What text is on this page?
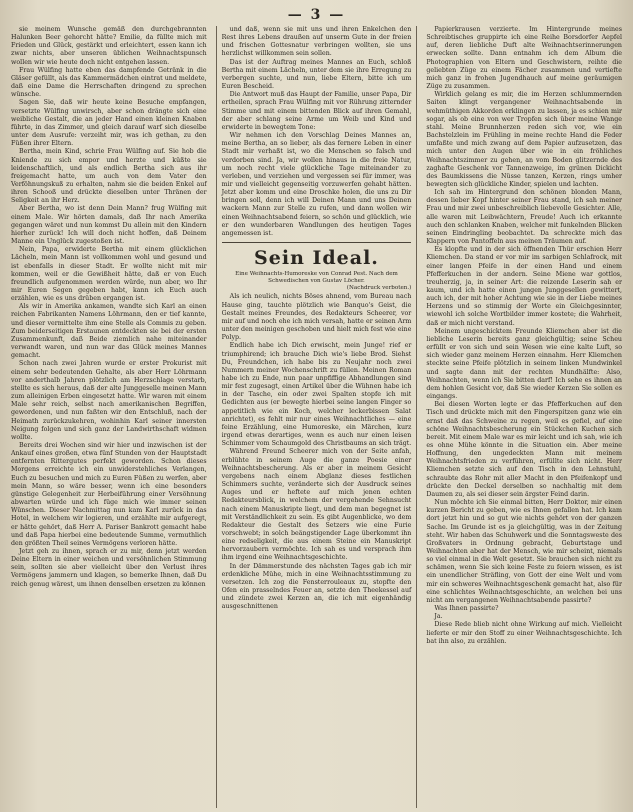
— 3 —

sie meinem Wunsche gemäß den durchgebrannten Halunken Beer gehorcht hätte? Emilie, da füllte mich mit Frieden und Glück, gestärkt und erleichtert, essen kann ich zwar nichts, aber unseren üblichen Weihnachtspunsch wollen wir wie heute doch nicht entgehen lassen.

Frau Wülfing hatte eben das dampfende Getränk in die Gläser gefüllt, als das Kammermädchen eintrat und meldete, daß eine Dame die Herrschaften dringend zu sprechen wünsche.

Sagen Sie, daß wir heute keine Besuche empfangen, versetzte Wülfing unwirsch, aber schon drängte sich eine weibliche Gestalt, die an jeder Hand einen kleinen Knaben führte, in das Zimmer, und gleich darauf warf sich dieselbe unter dem Ausrufe: verzeiht mir, was ich gethan, zu den Füßen ihrer Eltern.

Bertha, mein Kind, schrie Frau Wülfing auf. Sie hob die Kniende zu sich empor und herzte und küßte sie leidenschaftlich, und als endlich Bertha sich aus ihr freigemacht hatte, um auch von dem Vater den Verföhnungskuß zu erhalten, nahm sie die beiden Enkel auf ihren Schooß und drückte dieselben unter Thränen der Seligkeit an ihr Herz.

Aber Bertha, wo ist denn Dein Mann? frug Wülfing mit einem Male. Wir hörten damals, daß Ihr nach Amerika gegangen wäret und nun kommst Du allein mit den Kindern hierher zurück! Ich will doch nicht hoffen, daß Deinem Manne ein Unglück zugestoßen ist.

Nein, Papa, erwiderte Bertha mit einem glücklichen Lächeln, mein Mann ist vollkommen wohl und gesund und ist ebenfalls in dieser Stadt. Er wollte nicht mit mir kommen, weil er die Gewißheit hätte, daß er von Euch freundlich aufgenommen werden würde, nun aber, wo Ihr mir Euren Segen gegeben habt, kann ich Euch auch erzählen, wie es uns drüben ergangen ist.

Als wir in Amerika ankamen, wandte sich Karl an einen reichen Fabrikanten Namens Löhrmann, den er tief kannte, und dieser vermittelte ihm eine Stelle als Commis zu geben. Zum beiderseitigen Erstaunen entdeckten sie bei der ersten Zusammenkunft, daß Beide ziemlich nahe miteinander verwandt waren, und nun war das Glück meines Mannes gemacht.

Schon nach zwei Jahren wurde er erster Prokurist mit einem sehr bedeutenden Gehalte, als aber Herr Löhrmann vor anderthalb Jahren plötzlich am Herzschlage verstarb, stellte es sich heraus, daß der alte Junggeselle meinen Mann zum alleinigen Erben eingesetzt hatte. Wir waren mit einem Male sehr reich, selbst nach amerikanischen Begriffen, gewordenen, und nun faßten wir den Entschluß, nach der Heimath zurückzukehren, wohinhin Karl seiner innersten Neigung folgen und sich ganz der Landwirthschaft widmen wollte.

Bereits drei Wochen sind wir hier und inzwischen ist der Ankauf eines großen, etwa fünf Stunden von der Hauptstadt entfernten Rittergutes perfekt geworden. Schon dieses Morgens erreichte ich ein unwiderstehliches Verlangen, Euch zu besuchen und mich zu Euren Füßen zu werfen, aber mein Mann, so wäre besser, wenn ich eine besonders günstige Gelegenheit zur Herbeiführung einer Versöhnung abwarten würde und ich füge mich wie immer seinen Wünschen. Dieser Nachmittag nun kam Karl zurück in das Hotel, in welchem wir logieren, und erzählte mir aufgeregt, er hätte gehört, daß Herr A. Pariser Bankrott gemacht habe und daß Papa hierbei eine bedeutende Summe, vermuthlich den größten Theil seines Vermögens verloren hätte.

Jetzt geh zu ihnen, sprach er zu mir, denn jetzt werden Deine Eltern in einer weichen und versöhnlichen Stimmung sein, sollten sie aber vielleicht über den Verlust ihres Vermögens jammern und klagen, so bemerke Ihnen, daß Du reich genug wärest, um ihnen denselben ersetzen zu können

und daß, wenn sie mit uns und ihren Enkelchen den Rest ihres Lebens draußen auf unserm Gute in der freien und frischen Gottesnatur verbringen wollten, sie uns herzlichst willkommen sein sollen.

Das ist der Auftrag meines Mannes an Euch, schloß Bertha mit einem Lächeln, unter dem sie ihre Erregung zu verbergen suchte, und nun, liebe Eltern, bitte ich um Euren Bescheid.

Die Antwort muß das Haupt der Familie, unser Papa, Dir ertheilen, sprach Frau Wülfing mit vor Rührung zitternder Stimme und mit einem bittenden Blick auf ihren Gemahl, der aber schlang seine Arme um Weib und Kind und erwiderte in bewegtem Tone:

Wir nehmen ich den Vorschlag Deines Mannes an, meine Bertha, an so lieber, als das fernere Leben in einer Stadt mir verhaßt ist, wo die Menschen so falsch und verdorben sind. Ja, wir wollen hinaus in die freie Natur, um noch recht viele glückliche Tage miteinander zu verleben, und verziehen und vergessen sei für immer, was mir und vielleicht gegenseitig vorzuwerfen gehabt hätten. Jetzt aber komm und eine Droschke holen, die uns zu Dir bringen soll, denn ich will Deinen Mann und uns Deinen wackern Mann zur Stelle zu rufen, und dann wollen wir einen Weihnachtsabend feiern, so schön und glücklich, wie er den wunderbaren Wandlungen des heutigen Tages angemessen ist.

Sein Ideal.
Eine Weihnachts-Humoreske von Conrad Pest. Nach dem Schwedischen von Gustav Löcher.
(Nachdruck verboten.)

Als ich neulich, nichts Böses ahnend, vom Bureau nach Hause ging, tauchte plötzlich wie Banquo's Geist, die Gestalt meines Freundes, des Redakteurs Scheerer, vor mir auf und noch ehe ich mich versah, hatte er seinen Arm unter den meinigen geschoben und hielt mich fest wie eine Polyp.

Endlich habe ich Dich erwischt, mein Junge! rief er triumphirend; ich brauche Dich wie's liebe Brod. Siehst Du, Freundchen, ich habe bis zu Neujahr noch zwei Nummern meiner Wochenschrift zu füllen. Meinen Roman habe ich zu Ende, nun paar unpfiffige Abhandlungen sind mir fest zugesagt, einen Artikel über die Wühnen habe ich in der Tasche, ein oder zwei Spalten stopfe ich mit Gedichten aus (er bewegte hierbei seine langen Finger so appetitlich wie ein Koch, welcher leckerbissen Salat anrichtet), es fehlt mir nur eines Weihnachtliches — eine feine Erzählung, eine Humoreske, ein Märchen, kurz irgend etwas derartiges, wenn es auch nur einen leisen Schimmer vom Schaumgold des Christbaums an sich trägt.

Während Freund Scheerer mich von der Seite anfah, erblühte in seinem Auge die ganze Poesie einer Weihnachtsbescherung. Als er aber in meinem Gesicht vergebens nach einem Abglanz dieses festlichen Schimmers suchte, veränderte sich der Ausdruck seines Auges und er heftete auf mich jenen echten Redakteursblick, in welchem der vergehende Sehnsucht nach einem Manuskripte liegt, und dem man begegnet ist mit Verständlichkeit zu sein. Es gibt Augenblicke, wo dem Redakteur die Gestalt des Setzers wie eine Furie vorschwebt; in solch beängstigender Lage überkommt ihn eine redseligkeit, die aus einem Steine ein Manuskript hervorzaubern vermöchte. Ich sah es und versprach ihm ihm irgend eine Weihnachtsgeschichte.

In der Dämmerstunde des nächsten Tages gab ich mir erdenkliche Mühe, mich in eine Weihnachtsstimmung zu versetzen. Ich zog die Fensterrouleaux zu, stopfte den Ofen ein prasselndes Feuer an, setzte den Theekessel auf und zündete zwei Kerzen an, die ich mit eigenhändig ausgeschnittenen

Papierkrausen verzierte. Im Hintergrunde meines Schreibtisches gruppirte ich eine Reihe Borsdorfer Aepfel auf, deren liebliche Duft alte Weihnachtserinnerungen erwecken sollte. Dann entnahm ich dem Album die Photographien von Eltern und Geschwistern, reihte die geliebten Züge zu einem Fächer zusammen und vertiefte mich ganz in frohen Jugendhauch auf meine geräumigen Züge zu zusammen.

Wirklich gelang es mir, die im Herzen schlummernden Saiten klingt vergangener Weihnachtsabende in wehmüthigen Akkorden erklingen zu lassen, ja es schien mir sogar, als ob eine von wer Tropfen sich über meine Wange stahl. Meine Brunnherzen reden sich vor, wie ein Bachstelzlein im Frühling in meine rechte Hand die Feder umfaßte und mich zwang auf dem Papier aufzusetzen, das mich unter den Augen über wie in ein fröhliches Weihnachtszimmer zu gehen, an vom Boden glitzernde des zaghafte Geschenk vor Tannenzweige, im grünen Dickicht des Baumkissens die Nüsse tanzen, Kerzen, rings umher bewegten sich glückliche Kinder, spielen und lachten.

Ich sah im Hintergrund den schönen blonden Mann, dessen lieber Kopf hinter seiner Frau stand, ich sah meiner Frau und mir zwei unbeschreiblich liebevolle Gesichter. Alle, alle waren mit Leibwächtern, Freude! Auch ich erkannte auch den schlanken Knaben, welcher mit funkelnden Blicken seinen Eindringling beobachtet. Da schreckte mich das Klappern von Pantoffeln aus meinen Träumen auf.

Es klopfte und in der sich öffnenden Thür erschien Herr Kliemchen. Da stand er vor mir im sarbigen Schlafrock, mit einer langen Pfeife in der einen Hand und einem Pfefferkuchen in der andern. Seine Miene war gottlos, treuherzig, ja, in seiner Art: die reizende Leserin sah er kaum, und ich hatte einen jungen Junggesellen gewittert, auch ich, der mit hoher Achtung wie sie in der Liebe meines Herzens und so stimmig der Worte ein Gleichgesinnter, wiewohl ich solche Wortbilder immer kostete; die Wahrheit, daß er mich nicht verstand.

Meinem ungeschicktem Freunde Kliemchen aber ist die liebliche Leserin bereits ganz gleichgültig; seine Scheu erfüllt er von sich und sein Wesen wie eine kalte Luft, so sich wieder ganz meinem Herzen einnahm. Herr Kliemchen steckte seine Pfeife plötzlich in seinem linken Mundwinkel und sagte dann mit der rechten Mundhälfte: Also, Weihnachten, wenn ich Sie bitten darf! Ich sehe es ihnen an dem hohlen Gesicht vor, daß Sie wieder Kerzen Sie sollen es eingangs.

Bei diesen Worten legte er das Pfefferkuchen auf den Tisch und drückte mich mit den Fingerspitzen ganz wie ein ernst daß das Schweine zu regen, weil es gefiel, auf eine schöne Weihnachtsbescherung ein Stückchen Kuchen sich bereit. Mit einem Male war es mir leicht und ich sah, wie ich es ohne Mühe könnte in die Situation ein. Aber meine Hoffnung, den ungedeckten Mann mit meinem Weihnachtsfrieden zu verführen, erfüllte sich nicht. Herr Kliemchen setzte sich auf den Tisch in den Lehnstuhl, schraubte das Rohr mit aller Macht in den Pfeifenkopf und drückte den Deckel derselben so nachhaltig mit dem Daumen zu, als sei dieser sein ärgster Feind darin.

Nun möchte ich Sie einmal bitten, Herr Doktor, mir einen kurzen Bericht zu geben, wie es Ihnen gefallen hat. Ich kam dort jetzt hin und so gut wie nichts gehört von der ganzen Sache. Im Grunde ist es ja gleichgültig, was in der Zeitung steht. Wir haben das Schuhwerk und die Sonntagsweste des Großvaters in Ordnung gebracht, Geburtstage und Weihnachten aber hat der Mensch, wie mir scheint, niemals so viel einmal in die Welt gesetzt. Sie brauchen sich nicht zu schämen, wenn Sie sich keine Feste zu feiern wissen, es ist ein unendlicher Sträfling, von Gott der eine Welt und vom mir ein schweres Weihnachtsgeschenk gemacht hat, also für eine schlichtes Weihnachtsgeschichte, an welchen bei uns nicht am vergangenen Weihnachtsabende passirte?

Was Ihnen passirte?

Ja.

Diese Rede blieb nicht ohne Wirkung auf mich. Vielleicht lieferte er mir den Stoff zu einer Weihnachtsgeschichte. Ich bat ihn also, zu erzählen.
